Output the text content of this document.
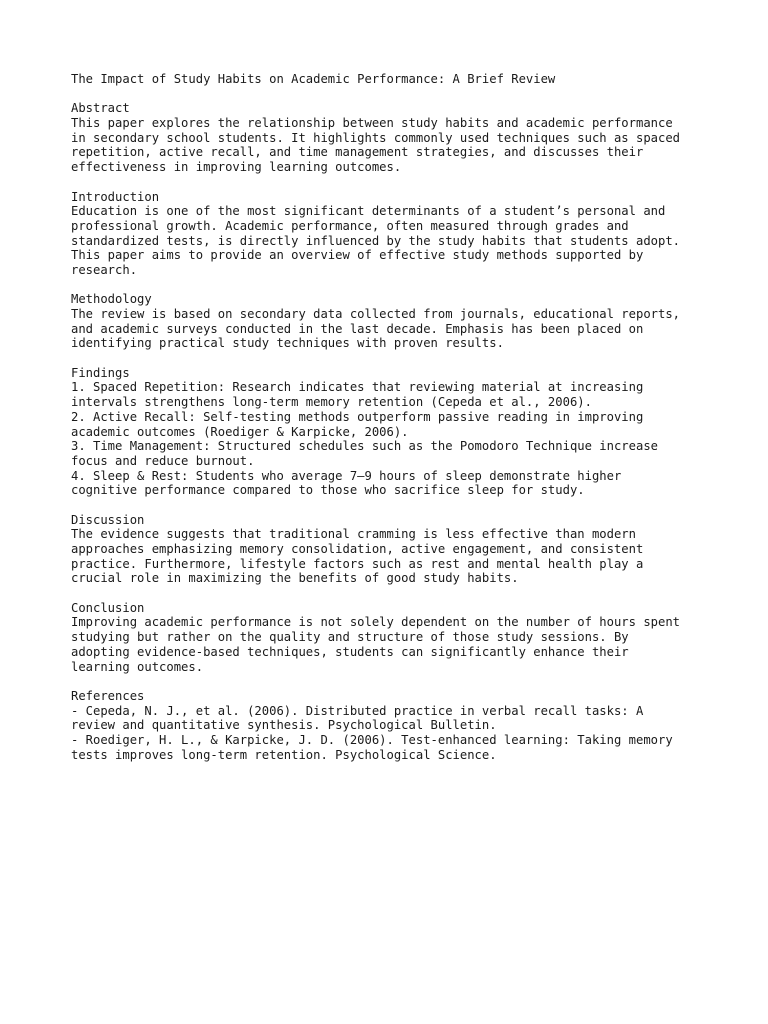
The Impact of Study Habits on Academic Performance: A Brief Review
Abstract
This paper explores the relationship between study habits and academic performance
in secondary school students. It highlights commonly used techniques such as spaced
repetition, active recall, and time management strategies, and discusses their
effectiveness in improving learning outcomes.
Introduction
Education is one of the most significant determinants of a student’s personal and
professional growth. Academic performance, often measured through grades and
standardized tests, is directly influenced by the study habits that students adopt.
This paper aims to provide an overview of effective study methods supported by
research.
Methodology
The review is based on secondary data collected from journals, educational reports,
and academic surveys conducted in the last decade. Emphasis has been placed on
identifying practical study techniques with proven results.
Findings
1. Spaced Repetition: Research indicates that reviewing material at increasing
intervals strengthens long-term memory retention (Cepeda et al., 2006).
2. Active Recall: Self-testing methods outperform passive reading in improving
academic outcomes (Roediger & Karpicke, 2006).
3. Time Management: Structured schedules such as the Pomodoro Technique increase
focus and reduce burnout.
4. Sleep & Rest: Students who average 7–9 hours of sleep demonstrate higher
cognitive performance compared to those who sacrifice sleep for study.
Discussion
The evidence suggests that traditional cramming is less effective than modern
approaches emphasizing memory consolidation, active engagement, and consistent
practice. Furthermore, lifestyle factors such as rest and mental health play a
crucial role in maximizing the benefits of good study habits.
Conclusion
Improving academic performance is not solely dependent on the number of hours spent
studying but rather on the quality and structure of those study sessions. By
adopting evidence-based techniques, students can significantly enhance their
learning outcomes.
References
- Cepeda, N. J., et al. (2006). Distributed practice in verbal recall tasks: A
review and quantitative synthesis. Psychological Bulletin.
- Roediger, H. L., & Karpicke, J. D. (2006). Test-enhanced learning: Taking memory
tests improves long-term retention. Psychological Science.
